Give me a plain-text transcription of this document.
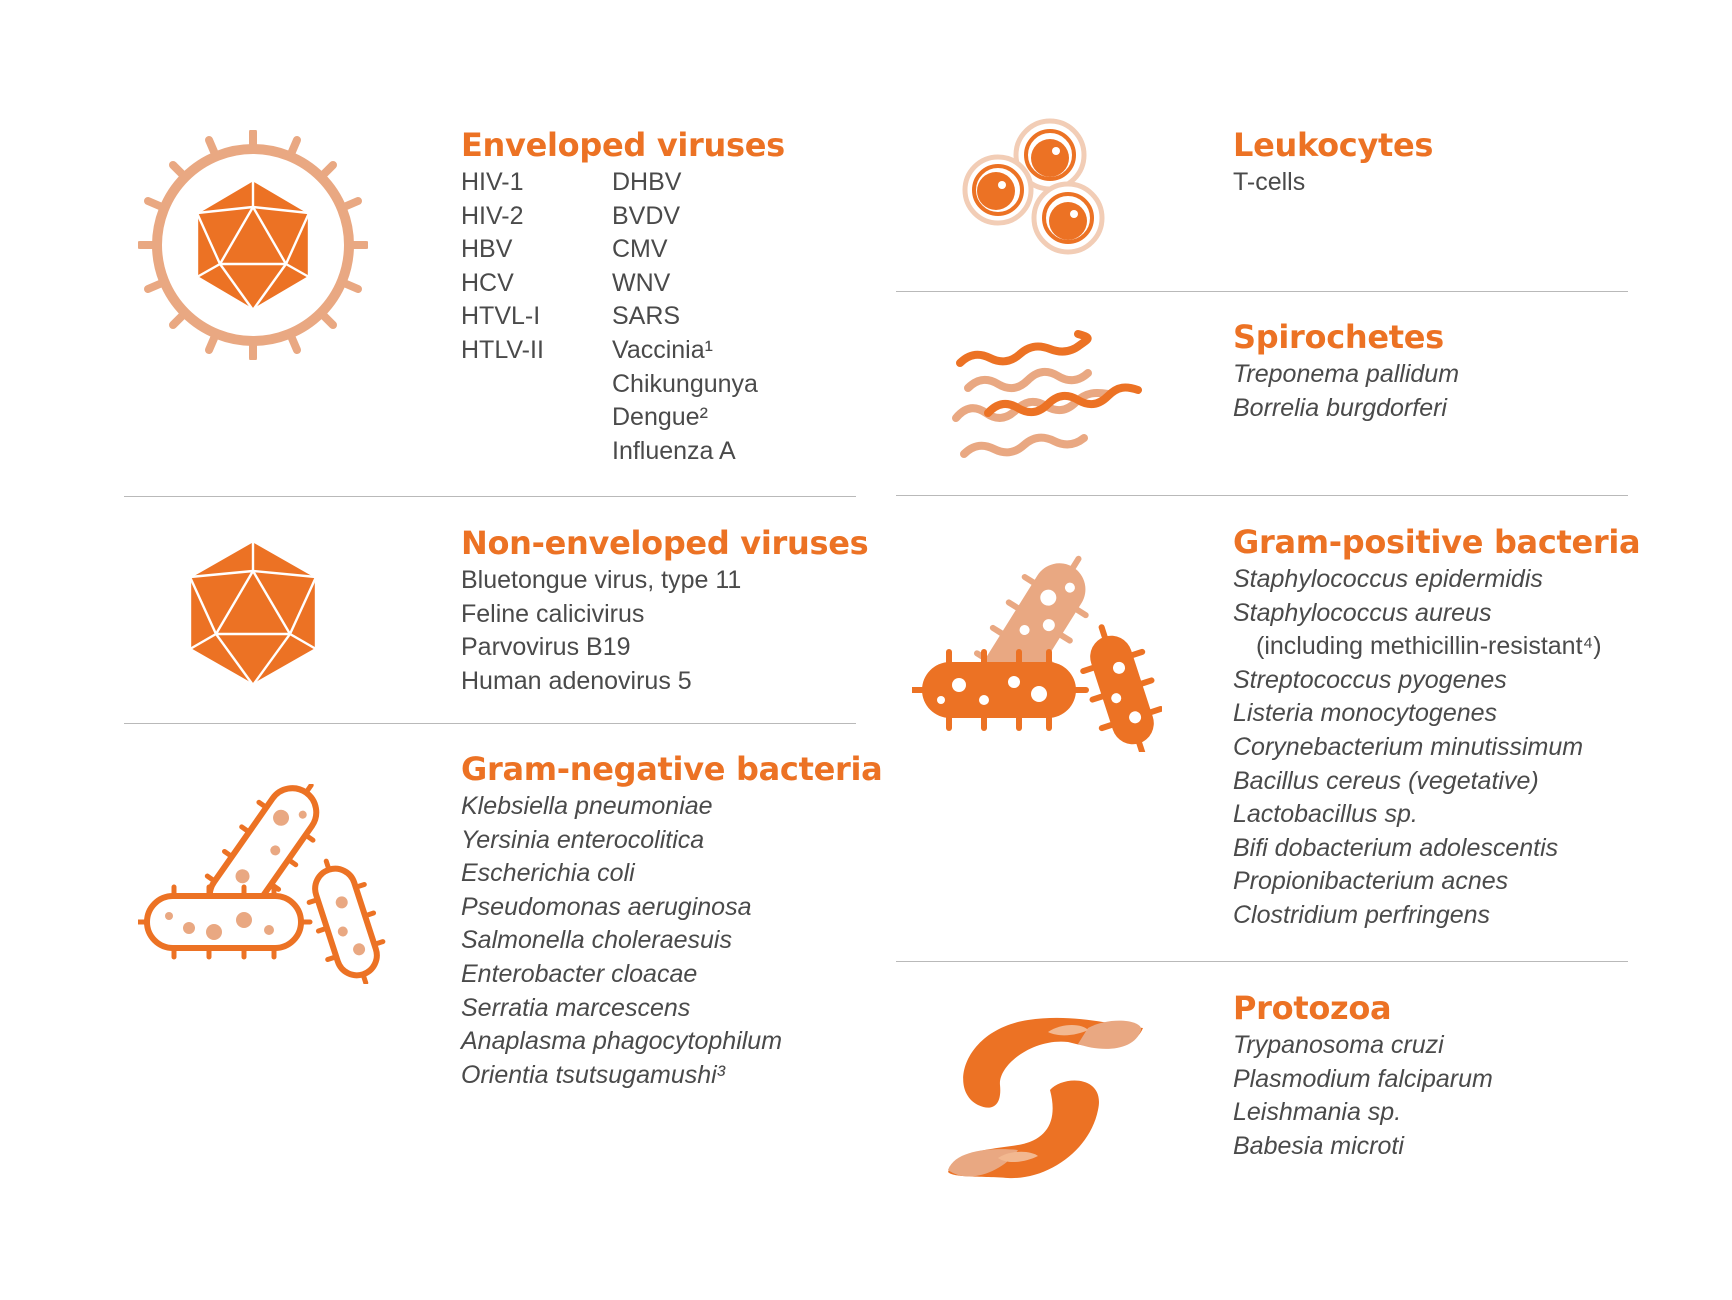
Enveloped viruses
HIV-1
HIV-2
HBV
HCV
HTVL-I
HTLV-II
DHBV
BVDV
CMV
WNV
SARS
Vaccinia¹
Chikungunya
Dengue²
Influenza A
Non-enveloped viruses
Bluetongue virus, type 11
Feline calicivirus
Parvovirus B19
Human adenovirus 5
Gram-negative bacteria
Klebsiella pneumoniae
Yersinia enterocolitica
Escherichia coli
Pseudomonas aeruginosa
Salmonella choleraesuis
Enterobacter cloacae
Serratia marcescens
Anaplasma phagocytophilum
Orientia tsutsugamushi³
Leukocytes
T-cells
Spirochetes
Treponema pallidum
Borrelia burgdorferi
Gram-positive bacteria
Staphylococcus epidermidis
Staphylococcus aureus
(including methicillin-resistant⁴)
Streptococcus pyogenes
Listeria monocytogenes
Corynebacterium minutissimum
Bacillus cereus (vegetative)
Lactobacillus sp.
Bifi dobacterium adolescentis
Propionibacterium acnes
Clostridium perfringens
Protozoa
Trypanosoma cruzi
Plasmodium falciparum
Leishmania sp.
Babesia microti
